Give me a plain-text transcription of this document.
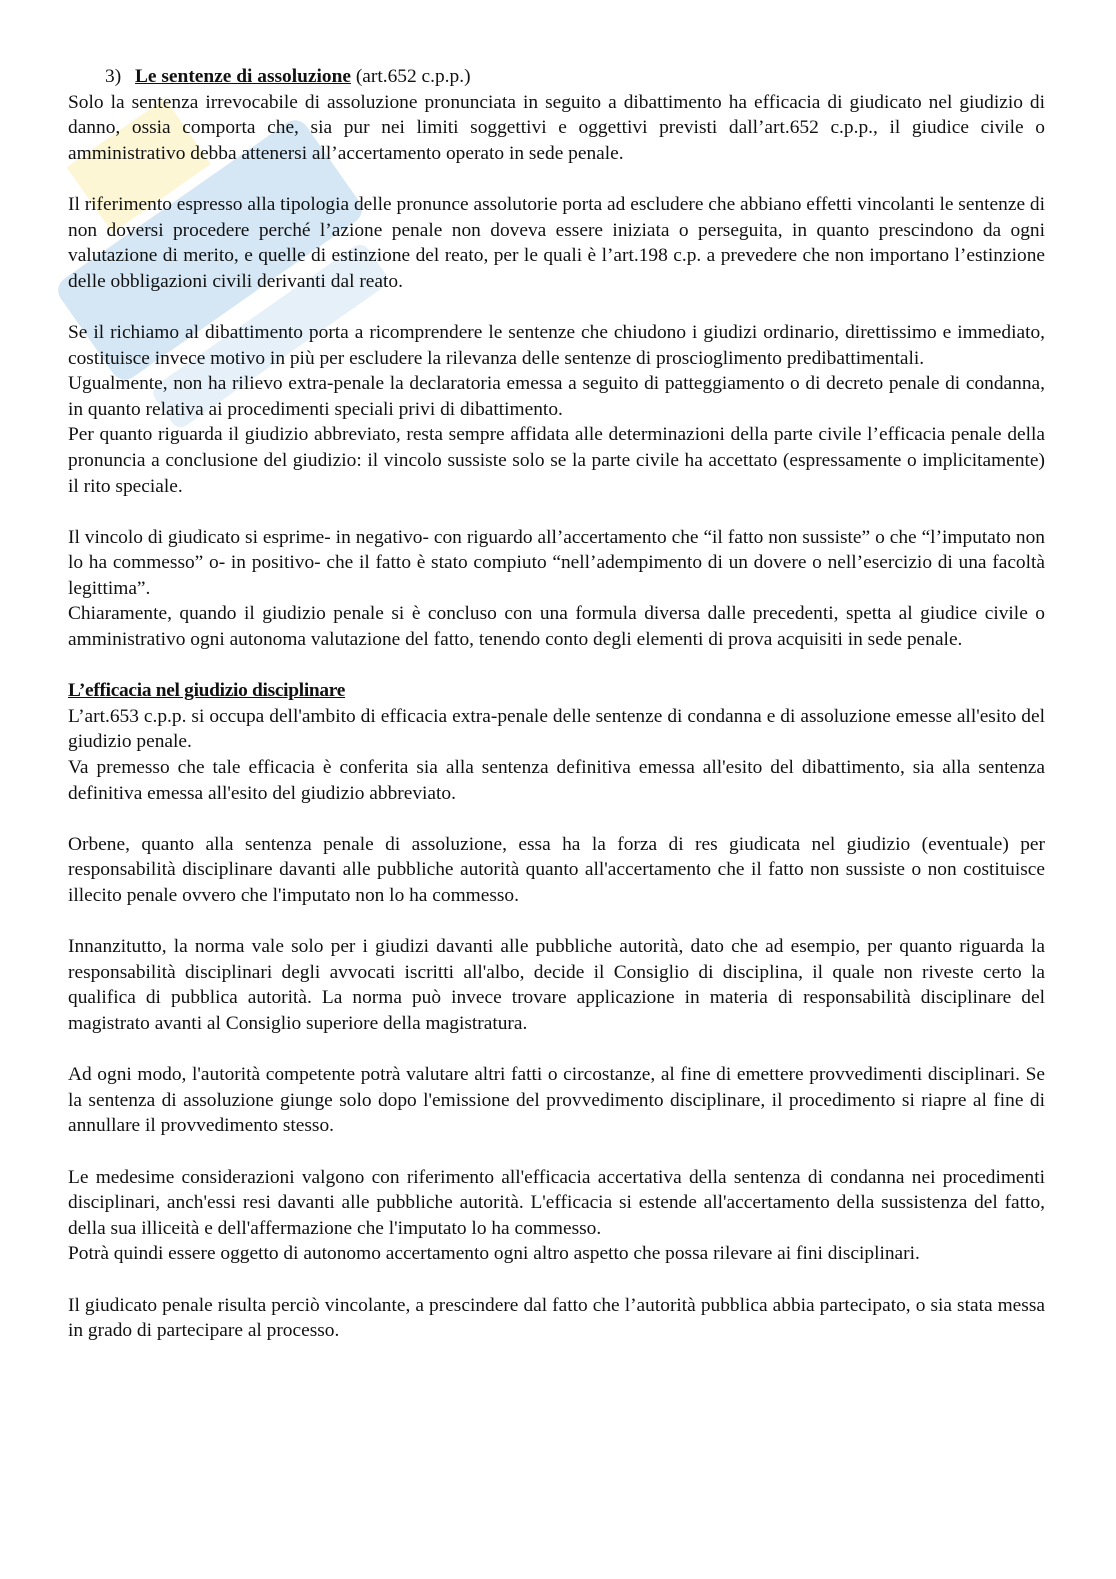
3) Le sentenze di assoluzione (art.652 c.p.p.)

Solo la sentenza irrevocabile di assoluzione pronunciata in seguito a dibattimento ha efficacia di giudicato nel giudizio di danno, ossia comporta che, sia pur nei limiti soggettivi e oggettivi previsti dall’art.652 c.p.p., il giudice civile o amministrativo debba attenersi all’accertamento operato in sede penale.

Il riferimento espresso alla tipologia delle pronunce assolutorie porta ad escludere che abbiano effetti vincolanti le sentenze di non doversi procedere perché l’azione penale non doveva essere iniziata o perseguita, in quanto prescindono da ogni valutazione di merito, e quelle di estinzione del reato, per le quali è l’art.198 c.p. a prevedere che non importano l’estinzione delle obbligazioni civili derivanti dal reato.

Se il richiamo al dibattimento porta a ricomprendere le sentenze che chiudono i giudizi ordinario, direttissimo e immediato, costituisce invece motivo in più per escludere la rilevanza delle sentenze di proscioglimento predibattimentali.

Ugualmente, non ha rilievo extra-penale la declaratoria emessa a seguito di patteggiamento o di decreto penale di condanna, in quanto relativa ai procedimenti speciali privi di dibattimento.

Per quanto riguarda il giudizio abbreviato, resta sempre affidata alle determinazioni della parte civile l’efficacia penale della pronuncia a conclusione del giudizio: il vincolo sussiste solo se la parte civile ha accettato (espressamente o implicitamente) il rito speciale.

Il vincolo di giudicato si esprime- in negativo- con riguardo all’accertamento che “il fatto non sussiste” o che “l’imputato non lo ha commesso” o- in positivo- che il fatto è stato compiuto “nell’adempimento di un dovere o nell’esercizio di una facoltà legittima”.

Chiaramente, quando il giudizio penale si è concluso con una formula diversa dalle precedenti, spetta al giudice civile o amministrativo ogni autonoma valutazione del fatto, tenendo conto degli elementi di prova acquisiti in sede penale.

L’efficacia nel giudizio disciplinare

L’art.653 c.p.p. si occupa dell'ambito di efficacia extra-penale delle sentenze di condanna e di assoluzione emesse all'esito del giudizio penale.

Va premesso che tale efficacia è conferita sia alla sentenza definitiva emessa all'esito del dibattimento, sia alla sentenza definitiva emessa all'esito del giudizio abbreviato.

Orbene, quanto alla sentenza penale di assoluzione, essa ha la forza di res giudicata nel giudizio (eventuale) per responsabilità disciplinare davanti alle pubbliche autorità quanto all'accertamento che il fatto non sussiste o non costituisce illecito penale ovvero che l'imputato non lo ha commesso.

Innanzitutto, la norma vale solo per i giudizi davanti alle pubbliche autorità, dato che ad esempio, per quanto riguarda la responsabilità disciplinari degli avvocati iscritti all'albo, decide il Consiglio di disciplina, il quale non riveste certo la qualifica di pubblica autorità. La norma può invece trovare applicazione in materia di responsabilità disciplinare del magistrato avanti al Consiglio superiore della magistratura.

Ad ogni modo, l'autorità competente potrà valutare altri fatti o circostanze, al fine di emettere provvedimenti disciplinari. Se la sentenza di assoluzione giunge solo dopo l'emissione del provvedimento disciplinare, il procedimento si riapre al fine di annullare il provvedimento stesso.

Le medesime considerazioni valgono con riferimento all'efficacia accertativa della sentenza di condanna nei procedimenti disciplinari, anch'essi resi davanti alle pubbliche autorità. L'efficacia si estende all'accertamento della sussistenza del fatto, della sua illiceità e dell'affermazione che l'imputato lo ha commesso.

Potrà quindi essere oggetto di autonomo accertamento ogni altro aspetto che possa rilevare ai fini disciplinari.

Il giudicato penale risulta perciò vincolante, a prescindere dal fatto che l’autorità pubblica abbia partecipato, o sia stata messa in grado di partecipare al processo.
